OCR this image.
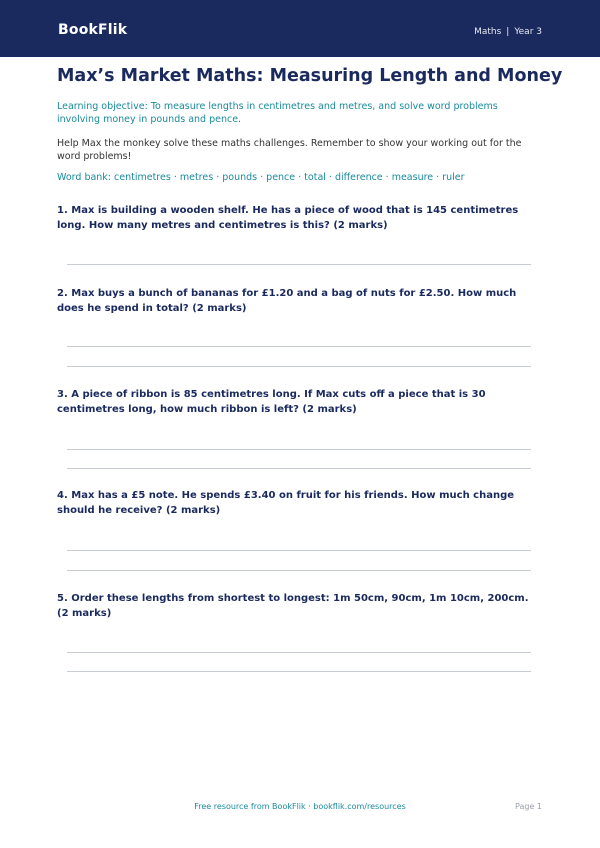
BookFlik	Maths | Year 3
Max’s Market Maths: Measuring Length and Money

Learning objective: To measure lengths in centimetres and metres, and solve word problems involving money in pounds and pence.

Help Max the monkey solve these maths challenges. Remember to show your working out for the word problems!

Word bank: centimetres · metres · pounds · pence · total · difference · measure · ruler

1. Max is building a wooden shelf. He has a piece of wood that is 145 centimetres long. How many metres and centimetres is this? (2 marks)

2. Max buys a bunch of bananas for £1.20 and a bag of nuts for £2.50. How much does he spend in total? (2 marks)

3. A piece of ribbon is 85 centimetres long. If Max cuts off a piece that is 30 centimetres long, how much ribbon is left? (2 marks)

4. Max has a £5 note. He spends £3.40 on fruit for his friends. How much change should he receive? (2 marks)

5. Order these lengths from shortest to longest: 1m 50cm, 90cm, 1m 10cm, 200cm. (2 marks)

Free resource from BookFlik · bookflik.com/resources	Page 1
